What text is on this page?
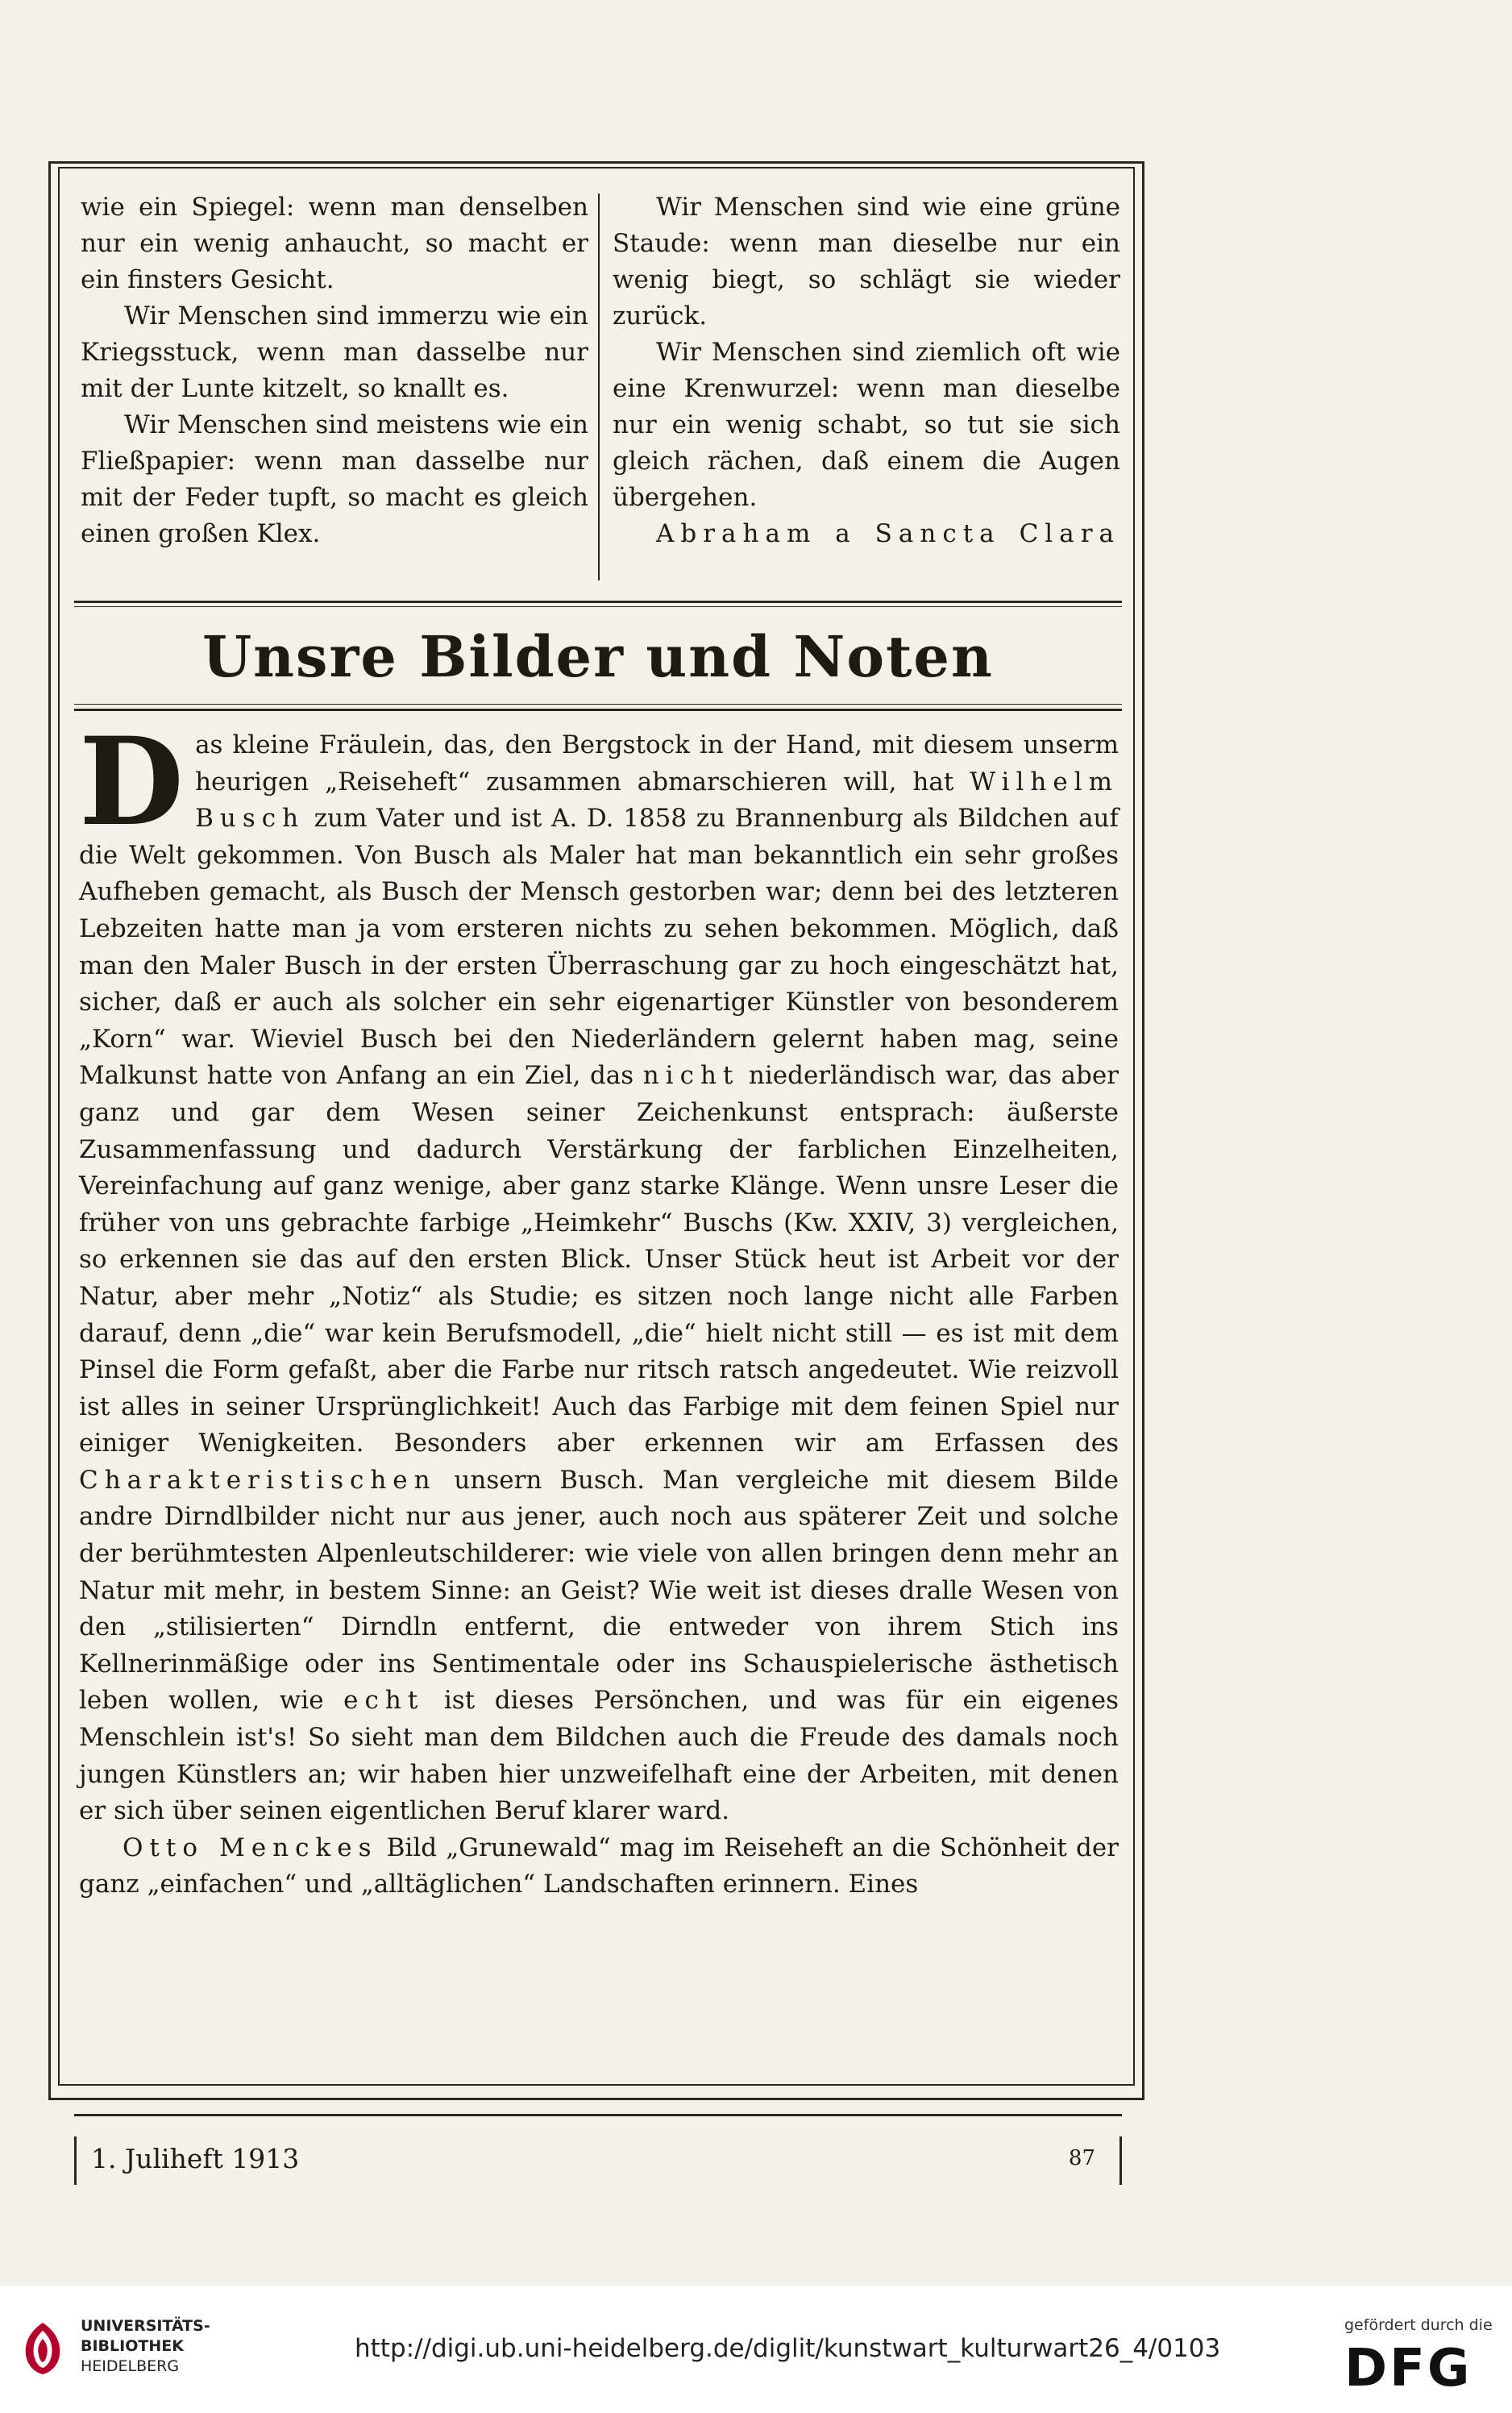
wie ein Spiegel: wenn man denselben nur ein wenig anhaucht, so macht er ein finsters Gesicht.

Wir Menschen sind immerzu wie ein Kriegsstuck, wenn man dasselbe nur mit der Lunte kitzelt, so knallt es.

Wir Menschen sind meistens wie ein Fließpapier: wenn man dasselbe nur mit der Feder tupft, so macht es gleich einen großen Klex.

Wir Menschen sind wie eine grüne Staude: wenn man dieselbe nur ein wenig biegt, so schlägt sie wieder zurück.

Wir Menschen sind ziemlich oft wie eine Krenwurzel: wenn man dieselbe nur ein wenig schabt, so tut sie sich gleich rächen, daß einem die Augen übergehen.

Abraham a Sancta Clara

Unsre Bilder und Noten

Das kleine Fräulein, das, den Bergstock in der Hand, mit diesem unserm heurigen „Reiseheft“ zusammen abmarschieren will, hat Wilhelm Busch zum Vater und ist A. D. 1858 zu Brannenburg als Bildchen auf die Welt gekommen. Von Busch als Maler hat man bekanntlich ein sehr großes Aufheben gemacht, als Busch der Mensch gestorben war; denn bei des letzteren Lebzeiten hatte man ja vom ersteren nichts zu sehen bekommen. Möglich, daß man den Maler Busch in der ersten Überraschung gar zu hoch eingeschätzt hat, sicher, daß er auch als solcher ein sehr eigenartiger Künstler von besonderem „Korn“ war. Wieviel Busch bei den Niederländern gelernt haben mag, seine Malkunst hatte von Anfang an ein Ziel, das nicht niederländisch war, das aber ganz und gar dem Wesen seiner Zeichenkunst entsprach: äußerste Zusammenfassung und dadurch Verstärkung der farblichen Einzelheiten, Vereinfachung auf ganz wenige, aber ganz starke Klänge. Wenn unsre Leser die früher von uns gebrachte farbige „Heimkehr“ Buschs (Kw. XXIV, 3) vergleichen, so erkennen sie das auf den ersten Blick. Unser Stück heut ist Arbeit vor der Natur, aber mehr „Notiz“ als Studie; es sitzen noch lange nicht alle Farben darauf, denn „die“ war kein Berufsmodell, „die“ hielt nicht still — es ist mit dem Pinsel die Form gefaßt, aber die Farbe nur ritsch ratsch angedeutet. Wie reizvoll ist alles in seiner Ursprünglichkeit! Auch das Farbige mit dem feinen Spiel nur einiger Wenigkeiten. Besonders aber erkennen wir am Erfassen des Charakteristischen unsern Busch. Man vergleiche mit diesem Bilde andre Dirndlbilder nicht nur aus jener, auch noch aus späterer Zeit und solche der berühmtesten Alpenleutschilderer: wie viele von allen bringen denn mehr an Natur mit mehr, in bestem Sinne: an Geist? Wie weit ist dieses dralle Wesen von den „stilisierten“ Dirndln entfernt, die entweder von ihrem Stich ins Kellnerinmäßige oder ins Sentimentale oder ins Schauspielerische ästhetisch leben wollen, wie echt ist dieses Persönchen, und was für ein eigenes Menschlein ist's! So sieht man dem Bildchen auch die Freude des damals noch jungen Künstlers an; wir haben hier unzweifelhaft eine der Arbeiten, mit denen er sich über seinen eigentlichen Beruf klarer ward.

Otto Menckes Bild „Grunewald“ mag im Reiseheft an die Schönheit der ganz „einfachen“ und „alltäglichen“ Landschaften erinnern. Eines

1. Juliheft 1913	87
UNIVERSITÄTS-
BIBLIOTHEK
HEIDELBERG
http://digi.ub.uni-heidelberg.de/diglit/kunstwart_kulturwart26_4/0103
gefördert durch die
DFG
